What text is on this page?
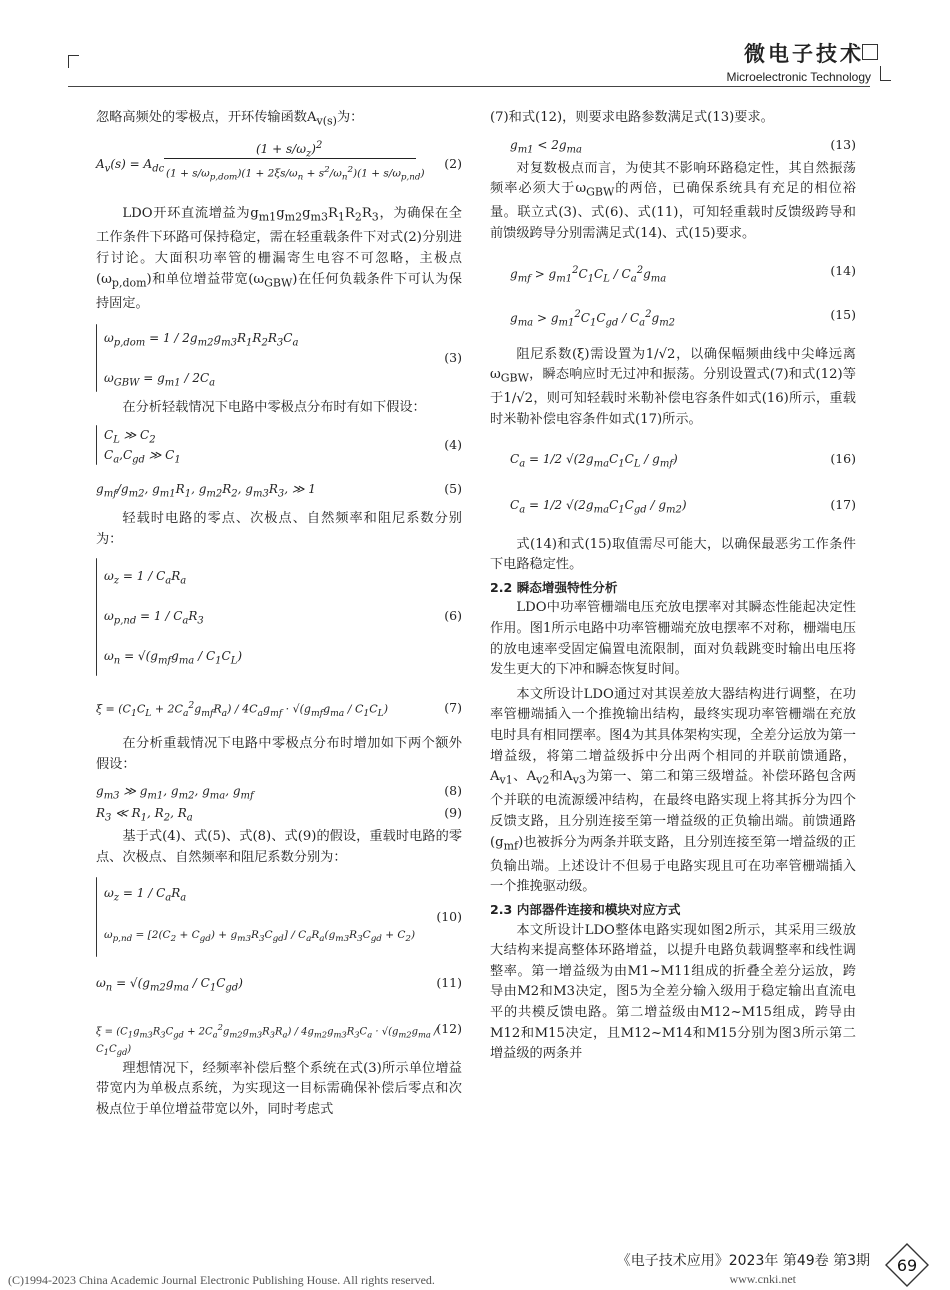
微电子技术
Microelectronic Technology

忽略高频处的零极点，开环传输函数$A_{v(s)}$为：

$A_v(s) = A_{dc}$
$(1 + s/\omega_z)^2$
$(1 + s/\omega_{p,dom})(1 + 2\xi s/\omega_n + s^2/\omega_n^2)(1 + s/\omega_{p,nd})$
(2)

LDO开环直流增益为$g_{m1}g_{m2}g_{m3}R_1R_2R_3$，为确保在全工作条件下环路可保持稳定，需在轻重载条件下对式(2)分别进行讨论。大面积功率管的栅漏寄生电容不可忽略，主极点$(\omega_{p,dom})$和单位增益带宽$(\omega_{GBW})$在任何负载条件下可认为保持固定。

$\omega_{p,dom} = 1 / 2g_{m2}g_{m3}R_1R_2R_3C_a$
$\omega_{GBW} = g_{m1} / 2C_a$
(3)

在分析轻载情况下电路中零极点分布时有如下假设：

$C_L$ ≫ $C_2$
$C_a,C_{gd}$ ≫ $C_1$
(4)
$g_{mf}/g_{m2}$, $g_{m1}R_1$, $g_{m2}R_2$, $g_{m3}R_3$, ≫ 1	(5)

轻载时电路的零点、次极点、自然频率和阻尼系数分别为：

$\omega_z = 1 / C_aR_a$
$\omega_{p,nd} = 1 / C_aR_3$
$\omega_n = √(g_{mf}g_{ma} / C_1C_L)$
(6)
$\xi = (C_1C_L + 2C_a^2g_{mf}R_a) / 4C_ag_{mf} \cdot √(g_{mf}g_{ma} / C_1C_L)$	(7)

在分析重载情况下电路中零极点分布时增加如下两个额外假设：

$g_{m3}$ ≫ $g_{m1}$, $g_{m2}$, $g_{ma}$, $g_{mf}$	(8)
$R_3$ ≪ $R_1$, $R_2$, $R_a$	(9)

基于式(4)、式(5)、式(8)、式(9)的假设，重载时电路的零点、次极点、自然频率和阻尼系数分别为：

$\omega_z = 1 / C_aR_a$
$\omega_{p,nd} = [2(C_2 + C_{gd}) + g_{m3}R_3C_{gd}] / C_aR_a(g_{m3}R_3C_{gd} + C_2)$
(10)
$\omega_n = √(g_{m2}g_{ma} / C_1C_{gd})$	(11)
$\xi = (C_1g_{m3}R_3C_{gd} + 2C_a^2g_{m2}g_{m3}R_3R_a) / 4g_{m2}g_{m3}R_3C_a \cdot √(g_{m2}g_{ma} / C_1C_{gd})$
(12)

理想情况下，经频率补偿后整个系统在式(3)所示单位增益带宽内为单极点系统，为实现这一目标需确保补偿后零点和次极点位于单位增益带宽以外，同时考虑式

(7)和式(12)，则要求电路参数满足式(13)要求。

$g_{m1} < 2g_{ma}$	(13)

对复数极点而言，为使其不影响环路稳定性，其自然振荡频率必须大于$\omega_{GBW}$的两倍，已确保系统具有充足的相位裕量。联立式(3)、式(6)、式(11)，可知轻重载时反馈级跨导和前馈级跨导分别需满足式(14)、式(15)要求。

$g_{mf} > g_{m1}^2C_1C_L / C_a^2g_{ma}$
(14)
$g_{ma} > g_{m1}^2C_1C_{gd} / C_a^2g_{m2}$
(15)

阻尼系数(ξ)需设置为1/√2，以确保幅频曲线中尖峰远离$\omega_{GBW}$，瞬态响应时无过冲和振荡。分别设置式(7)和式(12)等于1/√2，则可知轻载时米勒补偿电容条件如式(16)所示，重载时米勒补偿电容条件如式(17)所示。

$C_a = 1/2$ $√(2g_{ma}C_1C_L / g_{mf})$	(16)
$C_a = 1/2$ $√(2g_{ma}C_1C_{gd} / g_{m2})$	(17)

式(14)和式(15)取值需尽可能大，以确保最恶劣工作条件下电路稳定性。

2.2 瞬态增强特性分析

LDO中功率管栅端电压充放电摆率对其瞬态性能起决定性作用。图1所示电路中功率管栅端充放电摆率不对称，栅端电压的放电速率受固定偏置电流限制，面对负载跳变时输出电压将发生更大的下冲和瞬态恢复时间。

本文所设计LDO通过对其误差放大器结构进行调整，在功率管栅端插入一个推挽输出结构，最终实现功率管栅端在充放电时具有相同摆率。图4为其具体架构实现，全差分运放为第一增益级，将第二增益级拆中分出两个相同的并联前馈通路，$A_{v1}$、$A_{v2}$和$A_{v3}$为第一、第二和第三级增益。补偿环路包含两个并联的电流源缓冲结构，在最终电路实现上将其拆分为四个反馈支路，且分别连接至第一增益级的正负输出端。前馈通路$(g_{mf})$也被拆分为两条并联支路，且分别连接至第一增益级的正负输出端。上述设计不但易于电路实现且可在功率管栅端插入一个推挽驱动级。

2.3 内部器件连接和模块对应方式

本文所设计LDO整体电路实现如图2所示，其采用三级放大结构来提高整体环路增益，以提升电路负载调整率和线性调整率。第一增益级为由M1~M11组成的折叠全差分运放，跨导由M2和M3决定，图5为全差分输入级用于稳定输出直流电平的共模反馈电路。第二增益级由M12~M15组成，跨导由M12和M15决定，且M12~M14和M15分别为图3所示第二增益级的两条并

《电子技术应用》2023年 第49卷 第3期 69
(C)1994-2023 China Academic Journal Electronic Publishing House. All rights reserved.	www.cnki.net
